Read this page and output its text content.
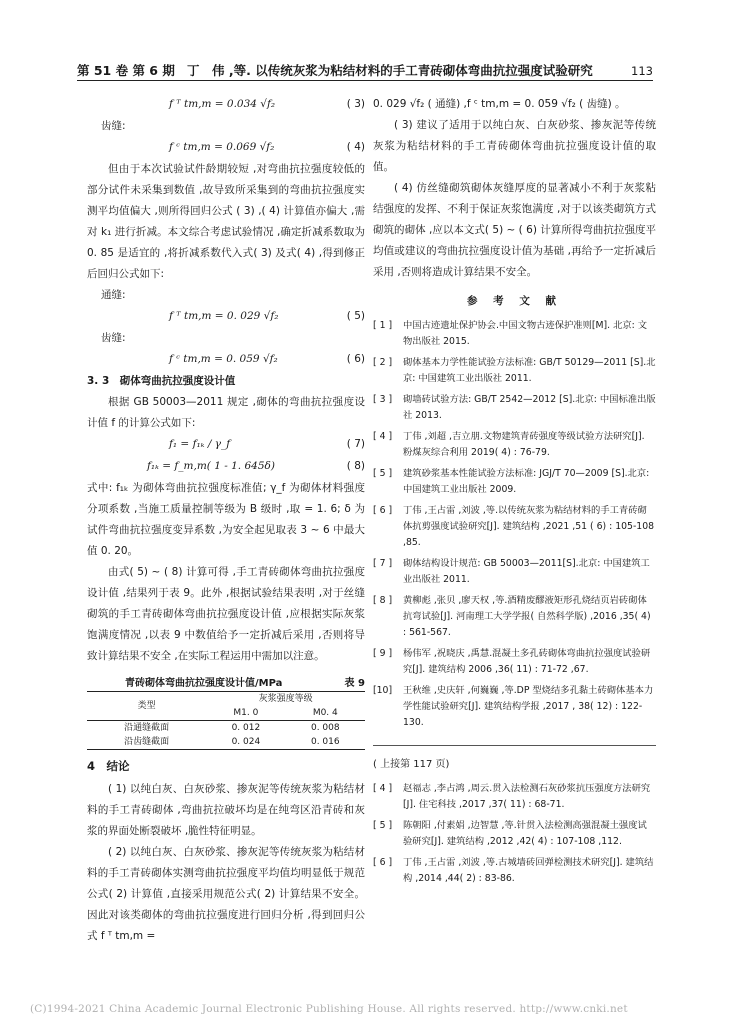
第 51 卷 第 6 期 丁　伟 ,等. 以传统灰浆为粘结材料的手工青砖砌体弯曲抗拉强度试验研究	113
f ᵀ tm,m = 0.034 √f₂	( 3)

齿缝:

f ᶜ tm,m = 0.069 √f₂	( 4)

但由于本次试验试件龄期较短 ,对弯曲抗拉强度较低的部分试件未采集到数值 ,故导致所采集到的弯曲抗拉强度实测平均值偏大 ,则所得回归公式 ( 3) ,( 4) 计算值亦偏大 ,需对 k₁ 进行折减。本文综合考虑试验情况 ,确定折减系数取为 0. 85 是适宜的 ,将折减系数代入式( 3) 及式( 4) ,得到修正后回归公式如下:

通缝:

f ᵀ tm,m = 0. 029 √f₂	( 5)

齿缝:

f ᶜ tm,m = 0. 059 √f₂	( 6)

3. 3　砌体弯曲抗拉强度设计值

根据 GB 50003—2011 规定 ,砌体的弯曲抗拉强度设计值 f 的计算公式如下:

f₁ = f₁ₖ / γ_f	( 7)
f₁ₖ = f_m,m( 1 - 1. 645δ)	( 8)

式中: f₁ₖ 为砌体弯曲抗拉强度标准值; γ_f 为砌体材料强度分项系数 ,当施工质量控制等级为 B 级时 ,取 = 1. 6; δ 为试件弯曲抗拉强度变异系数 ,为安全起见取表 3 ~ 6 中最大值 0. 20。

由式( 5) ~ ( 8) 计算可得 ,手工青砖砌体弯曲抗拉强度设计值 ,结果列于表 9。此外 ,根据试验结果表明 ,对于丝缝砌筑的手工青砖砌体弯曲抗拉强度设计值 ,应根据实际灰浆饱满度情况 ,以表 9 中数值给予一定折减后采用 ,否则将导致计算结果不安全 ,在实际工程运用中需加以注意。

青砖砌体弯曲抗拉强度设计值/MPa	表 9
类型	灰浆强度等级	
	M1. 0	M0. 4
沿通缝截面	0. 012	0. 008
沿齿缝截面	0. 024	0. 016

4　结论

( 1) 以纯白灰、白灰砂浆、掺灰泥等传统灰浆为粘结材料的手工青砖砌体 ,弯曲抗拉破坏均是在纯弯区沿青砖和灰浆的界面处断裂破坏 ,脆性特征明显。

( 2) 以纯白灰、白灰砂浆、掺灰泥等传统灰浆为粘结材料的手工青砖砌体实测弯曲抗拉强度平均值均明显低于规范公式( 2) 计算值 ,直接采用规范公式( 2) 计算结果不安全。因此对该类砌体的弯曲抗拉强度进行回归分析 ,得到回归公式 f ᵀ tm,m =

0. 029 √f₂ ( 通缝) ,f ᶜ tm,m = 0. 059 √f₂ ( 齿缝) 。

( 3) 建议了适用于以纯白灰、白灰砂浆、掺灰泥等传统灰浆为粘结材料的手工青砖砌体弯曲抗拉强度设计值的取值。

( 4) 仿丝缝砌筑砌体灰缝厚度的显著减小不利于灰浆粘结强度的发挥、不利于保证灰浆饱满度 ,对于以该类砌筑方式砌筑的砌体 ,应以本文式( 5) ~ ( 6) 计算所得弯曲抗拉强度平均值或建议的弯曲抗拉强度设计值为基础 ,再给予一定折减后采用 ,否则将造成计算结果不安全。

参 考 文 献

[ 1 ] 中国古迹遗址保护协会.中国文物古迹保护准则[M]. 北京: 文物出版社 2015.
[ 2 ] 砌体基本力学性能试验方法标准: GB/T 50129—2011 [S].北京: 中国建筑工业出版社 2011.
[ 3 ] 砌墙砖试验方法: GB/T 2542—2012 [S].北京: 中国标准出版社 2013.
[ 4 ] 丁伟 ,刘超 ,吉立朋.文物建筑青砖强度等级试验方法研究[J]. 粉煤灰综合利用 2019( 4) : 76-79.
[ 5 ] 建筑砂浆基本性能试验方法标准: JGJ/T 70—2009 [S].北京: 中国建筑工业出版社 2009.
[ 6 ] 丁伟 ,王占雷 ,刘波 ,等.以传统灰浆为粘结材料的手工青砖砌体抗剪强度试验研究[J]. 建筑结构 ,2021 ,51 ( 6) : 105-108 ,85.
[ 7 ] 砌体结构设计规范: GB 50003—2011[S].北京: 中国建筑工业出版社 2011.
[ 8 ] 黄柳彪 ,张贝 ,廖天权 ,等.酒精废醪液矩形孔烧结页岩砖砌体抗弯试验[J]. 河南理工大学学报( 自然科学版) ,2016 ,35( 4) : 561-567.
[ 9 ] 杨伟军 ,祝晓庆 ,禹慧.混凝土多孔砖砌体弯曲抗拉强度试验研究[J]. 建筑结构 2006 ,36( 11) : 71-72 ,67.
[10] 王秋维 ,史庆轩 ,何巍巍 ,等.DP 型烧结多孔黏土砖砌体基本力学性能试验研究[J]. 建筑结构学报 ,2017 , 38( 12) : 122-130.

( 上接第 117 页)

[ 4 ] 赵福志 ,李占鸿 ,周云.贯入法检测石灰砂浆抗压强度方法研究[J]. 住宅科技 ,2017 ,37( 11) : 68-71.
[ 5 ] 陈朝阳 ,付素娟 ,边智慧 ,等.针贯入法检测高强混凝土强度试验研究[J]. 建筑结构 ,2012 ,42( 4) : 107-108 ,112.
[ 6 ] 丁伟 ,王占雷 ,刘波 ,等.古城墙砖回弹检测技术研究[J]. 建筑结构 ,2014 ,44( 2) : 83-86.
(C)1994-2021 China Academic Journal Electronic Publishing House. All rights reserved. http://www.cnki.net
